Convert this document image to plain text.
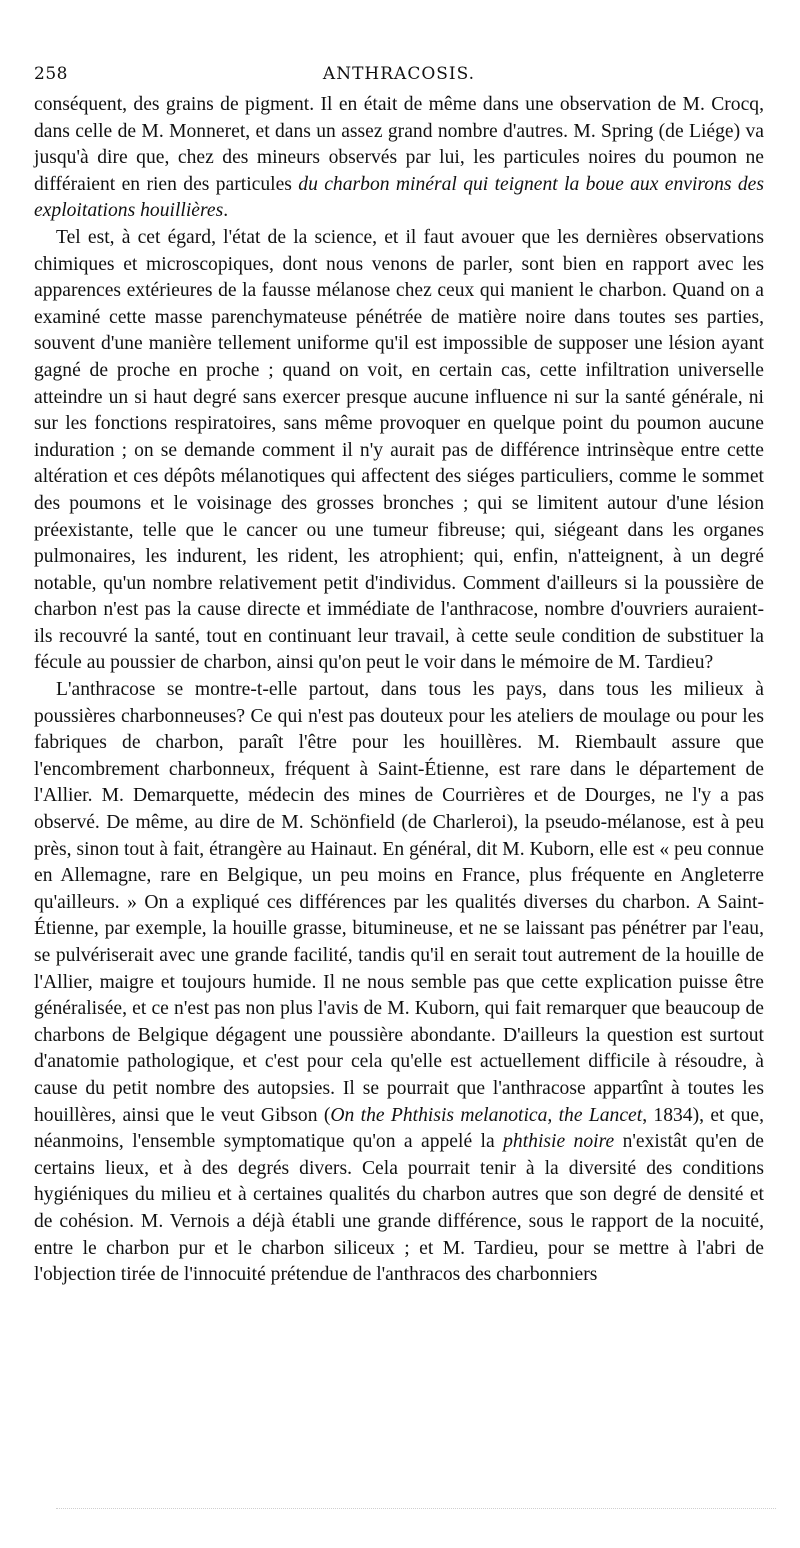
258	ANTHRACOSIS.

conséquent, des grains de pigment. Il en était de même dans une observation de M. Crocq, dans celle de M. Monneret, et dans un assez grand nombre d'autres. M. Spring (de Liége) va jusqu'à dire que, chez des mineurs observés par lui, les particules noires du poumon ne différaient en rien des particules du charbon minéral qui teignent la boue aux environs des exploitations houillières.

Tel est, à cet égard, l'état de la science, et il faut avouer que les dernières observations chimiques et microscopiques, dont nous venons de parler, sont bien en rapport avec les apparences extérieures de la fausse mélanose chez ceux qui manient le charbon. Quand on a examiné cette masse parenchymateuse pénétrée de matière noire dans toutes ses parties, souvent d'une manière tellement uniforme qu'il est impossible de supposer une lésion ayant gagné de proche en proche ; quand on voit, en certain cas, cette infiltration universelle atteindre un si haut degré sans exercer presque aucune influence ni sur la santé générale, ni sur les fonctions respiratoires, sans même provoquer en quelque point du poumon aucune induration ; on se demande comment il n'y aurait pas de différence intrinsèque entre cette altération et ces dépôts mélanotiques qui affectent des siéges particuliers, comme le sommet des poumons et le voisinage des grosses bronches ; qui se limitent autour d'une lésion préexistante, telle que le cancer ou une tumeur fibreuse; qui, siégeant dans les organes pulmonaires, les indurent, les rident, les atrophient; qui, enfin, n'atteignent, à un degré notable, qu'un nombre relativement petit d'individus. Comment d'ailleurs si la poussière de charbon n'est pas la cause directe et immédiate de l'anthracose, nombre d'ouvriers auraient-ils recouvré la santé, tout en continuant leur travail, à cette seule condition de substituer la fécule au poussier de charbon, ainsi qu'on peut le voir dans le mémoire de M. Tardieu?

L'anthracose se montre-t-elle partout, dans tous les pays, dans tous les milieux à poussières charbonneuses? Ce qui n'est pas douteux pour les ateliers de moulage ou pour les fabriques de charbon, paraît l'être pour les houillères. M. Riembault assure que l'encombrement charbonneux, fréquent à Saint-Étienne, est rare dans le département de l'Allier. M. Demarquette, médecin des mines de Courrières et de Dourges, ne l'y a pas observé. De même, au dire de M. Schönfield (de Charleroi), la pseudo-mélanose, est à peu près, sinon tout à fait, étrangère au Hainaut. En général, dit M. Kuborn, elle est « peu connue en Allemagne, rare en Belgique, un peu moins en France, plus fréquente en Angleterre qu'ailleurs. » On a expliqué ces différences par les qualités diverses du charbon. A Saint-Étienne, par exemple, la houille grasse, bitumineuse, et ne se laissant pas pénétrer par l'eau, se pulvériserait avec une grande facilité, tandis qu'il en serait tout autrement de la houille de l'Allier, maigre et toujours humide. Il ne nous semble pas que cette explication puisse être généralisée, et ce n'est pas non plus l'avis de M. Kuborn, qui fait remarquer que beaucoup de charbons de Belgique dégagent une poussière abondante. D'ailleurs la question est surtout d'anatomie pathologique, et c'est pour cela qu'elle est actuellement difficile à résoudre, à cause du petit nombre des autopsies. Il se pourrait que l'anthracose appartînt à toutes les houillères, ainsi que le veut Gibson (On the Phthisis melanotica, the Lancet, 1834), et que, néanmoins, l'ensemble symptomatique qu'on a appelé la phthisie noire n'existât qu'en de certains lieux, et à des degrés divers. Cela pourrait tenir à la diversité des conditions hygiéniques du milieu et à certaines qualités du charbon autres que son degré de densité et de cohésion. M. Vernois a déjà établi une grande différence, sous le rapport de la nocuité, entre le charbon pur et le charbon siliceux ; et M. Tardieu, pour se mettre à l'abri de l'objection tirée de l'innocuité prétendue de l'anthracos des charbonniers
